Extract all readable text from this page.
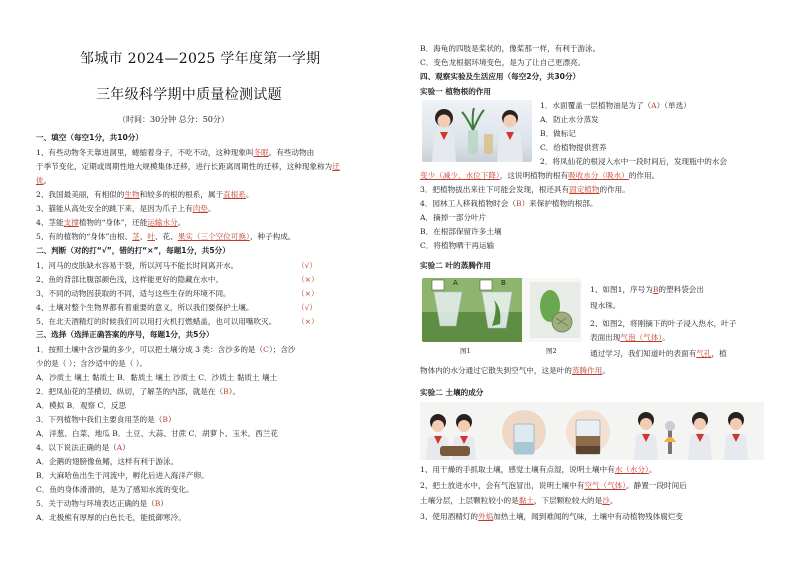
邹城市 2024—2025 学年度第一学期
三年级科学期中质量检测试题
（时间：30分钟 总分：50分）
一、填空（每空1分，共10分）
1、有些动物冬天靠进洞里，蜷缩着身子，不吃不动，这种现象叫冬眠。有些动物由
于季节变化，定期或周期性地大规模集体迁移，进行长距离周期性的迁移，这种现象称为迁
徙。
2、我国最美丽，有相似的生物和较多的根的根系，属于直根系。
3、猫能从高处安全的跳下来，是因为爪子上有肉垫。
4、茎能支撑植物的“身体”，还能运输水分。
5、有的植物的“身体”由根、茎、叶、花、果实（三个空位可换）、种子构成。
二、判断（对的打“√”，错的打“×”，每题1分，共5分）
1、河马的皮肤缺水容易干裂，所以河马不能长时间离开水。	（√）
2、鱼的背部比腹部颜色浅，这样能更好的隐藏在水中。	（×）
3、不同的动物因获取的不同，适与这些生存的环境不同。	（×）
4、土壤对整个生物界都有着重要的意义，所以我们要保护土壤。	（√）
5、在北天酒精灯的时候我们可以用打火机打燃蜡盖，也可以用嘴吹灭。	（×）
三、选择（选择正确答案的序号，每题1分，共5分）
1．按照土壤中含沙量的多少，可以把土壤分成 3 类：含沙多的是（C）；含沙
少的是（ ）；含沙适中的是（ ）。
A．沙质土 壤土 黏质土 B．黏质土 壤土 沙质土 C．沙质土 黏质土 壤土
2．把凤仙花的茎横切、纵切，了解茎的内部，就是在（B）。
A．模拟 B．观察 C．反思
3．下列植物中我们主要食用茎的是（B）
A．洋葱、白菜、地瓜 B．土豆、大蒜、甘蔗 C．胡萝卜、玉米、西兰花
4．以下说法正确的是（A）
A．企鹅的翅膀像鱼鳍，这样有利于游泳。
B．大麻哈鱼出生于河流中，孵化后进入海洋产卵。
C．鱼的身体滑滑的，是为了感知水流的变化。
5．关于动物与环境表达正确的是（B）
A．北极熊有厚厚的白色长毛，能抵御寒冷。
B．海龟的四肢是桨状的，像桨那一样，有利于游泳。
C．变色龙根据环境变色，是为了让自己更漂亮。
四、观察实验及生活应用（每空2分，共30分）
实验一 植物根的作用
1．水面覆盖一层植物油是为了（A）（单选）
A．防止水分蒸发
B．做标记
C．给植物提供营养
2．将凤仙花的根浸入水中一段时间后，发现瓶中的水会
变少（减少、水位下降），这说明植物的根有吸收水分（吸水）的作用。
3．把植物拔出来往下可能会发现，根还具有固定植物的作用。
4．园林工人移栽植物时会（B）来保护植物的根部。
A．摘掉一部分叶片
B．在根部保留许多土壤
C．将植物晒干再运输
实验二 叶的蒸腾作用
A	B
图1	图2
1、如图1，序号为B的塑料袋会出
现水珠。
2、如图2，将刚摘下的叶子浸入热水，叶子
表面出现气泡（气体）。
通过学习，我们知道叶的表面有气孔，植
物体内的水分通过它散失到空气中，这是叶的蒸腾作用。
实验二 土壤的成分
1、用干燥的手抓取土壤，感觉土壤有点湿，说明土壤中有水（水分）。
2、把土放进水中，会有气泡冒出，说明土壤中有空气（气体）。静置一段时间后
土壤分层，上层颗粒较小的是黏土，下层颗粒较大的是沙。
3、使用酒精灯的外焰加热土壤，闻到难闻的气味，土壤中有动植物残体腐烂变
